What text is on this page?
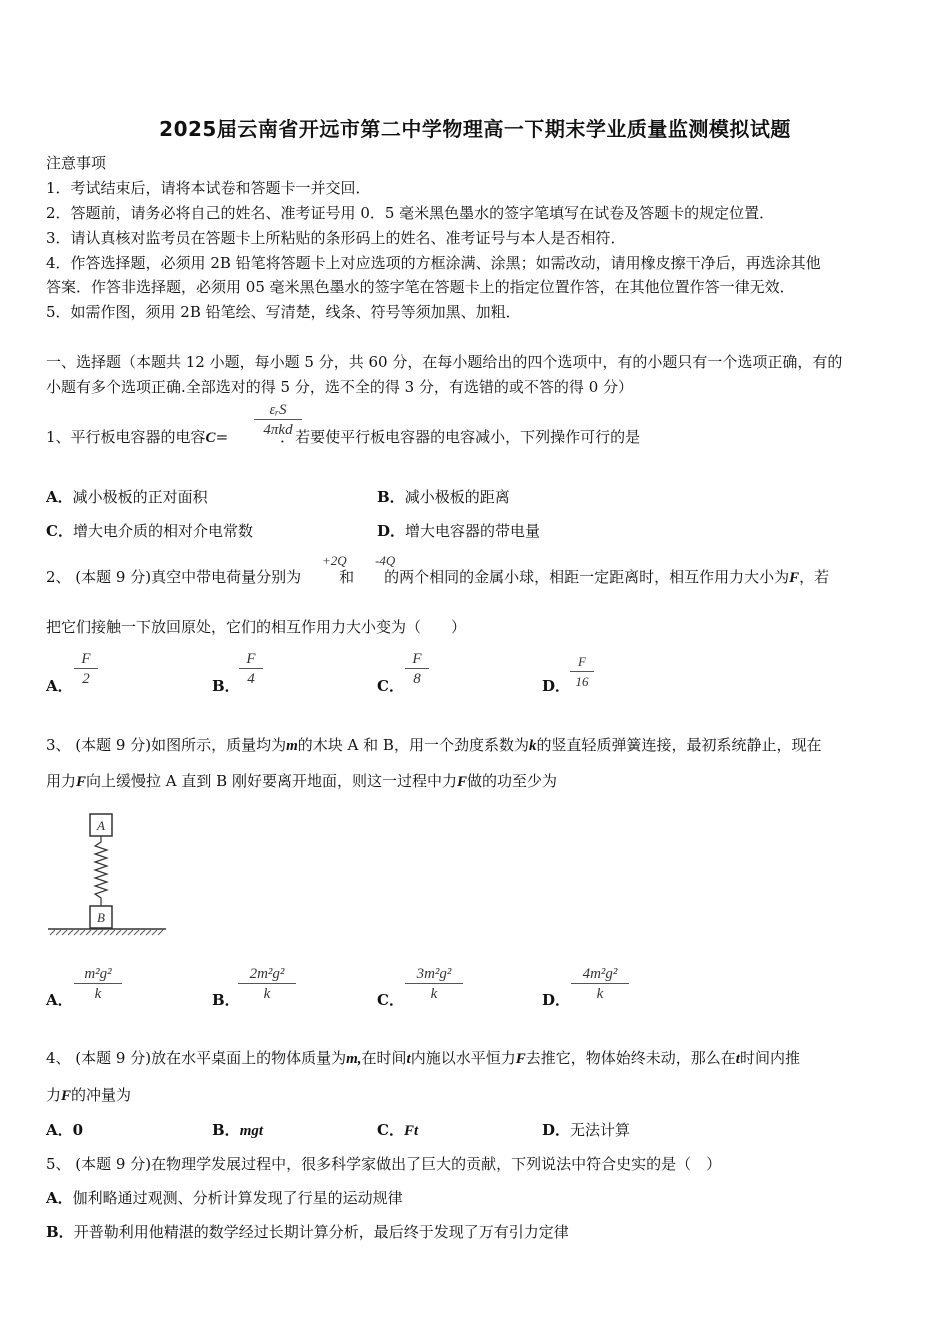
2025届云南省开远市第二中学物理高一下期末学业质量监测模拟试题
注意事项
1．考试结束后，请将本试卷和答题卡一并交回．
2．答题前，请务必将自己的姓名、准考证号用 0．5 毫米黑色墨水的签字笔填写在试卷及答题卡的规定位置．
3．请认真核对监考员在答题卡上所粘贴的条形码上的姓名、准考证号与本人是否相符．
4．作答选择题，必须用 2B 铅笔将答题卡上对应选项的方框涂满、涂黑；如需改动，请用橡皮擦干净后，再选涂其他
答案．作答非选择题，必须用 05 毫米黑色墨水的签字笔在答题卡上的指定位置作答，在其他位置作答一律无效．
5．如需作图，须用 2B 铅笔绘、写清楚，线条、符号等须加黑、加粗．
一、选择题（本题共 12 小题，每小题 5 分，共 60 分，在每小题给出的四个选项中，有的小题只有一个选项正确，有的
小题有多个选项正确.全部选对的得 5 分，选不全的得 3 分，有选错的或不答的得 0 分）
1、平行板电容器的电容C=	．若要使平行板电容器的电容减小，下列操作可行的是
εᵣS
4πkd
A．减小极板的正对面积	B．减小极板的距离
C．增大电介质的相对介电常数	D．增大电容器的带电量
2、 (本题 9 分)真空中带电荷量分别为	和 的两个相同的金属小球，相距一定距离时，相互作用力大小为F，若
+2Q -4Q
把它们接触一下放回原处，它们的相互作用力大小变为（　　）
A．
F
2	B．
F
4	C．
F
8	D．
F
16
3、 (本题 9 分)如图所示，质量均为m的木块 A 和 B，用一个劲度系数为k的竖直轻质弹簧连接，最初系统静止，现在
用力F向上缓慢拉 A 直到 B 刚好要离开地面，则这一过程中力F做的功至少为
A
B
A．
m²g²
k	B．
2m²g²
k	C．
3m²g²
k	D．
4m²g²
k
4、 (本题 9 分)放在水平桌面上的物体质量为m,在时间t内施以水平恒力F去推它，物体始终未动，那么在t时间内推
力F的冲量为
A．0	B．mgt	C．Ft	D．无法计算
5、 (本题 9 分)在物理学发展过程中，很多科学家做出了巨大的贡献，下列说法中符合史实的是（　）
A．伽利略通过观测、分析计算发现了行星的运动规律
B．开普勒利用他精湛的数学经过长期计算分析，最后终于发现了万有引力定律
